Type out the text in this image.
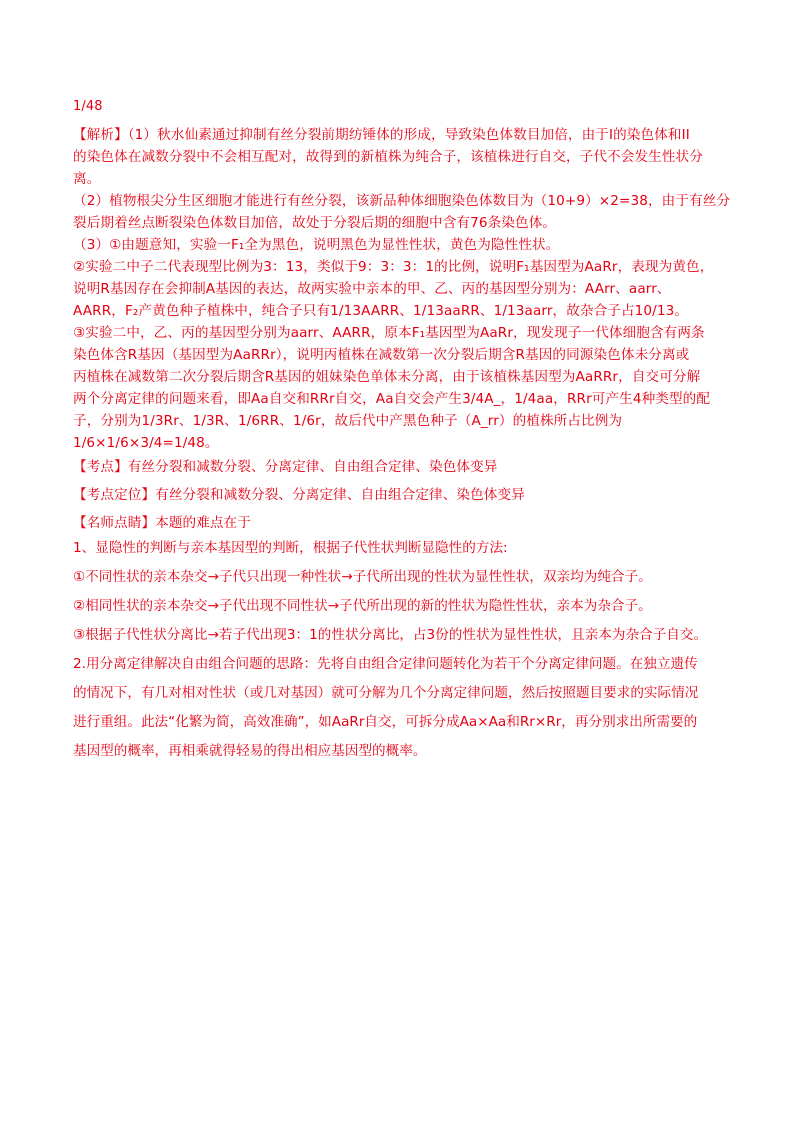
1/48
【解析】（1）秋水仙素通过抑制有丝分裂前期纺锤体的形成，导致染色体数目加倍，由于I的染色体和II
的染色体在减数分裂中不会相互配对，故得到的新植株为纯合子，该植株进行自交，子代不会发生性状分
离。
（2）植物根尖分生区细胞才能进行有丝分裂，该新品种体细胞染色体数目为（10+9）×2=38，由于有丝分
裂后期着丝点断裂染色体数目加倍，故处于分裂后期的细胞中含有76条染色体。
（3）①由题意知，实验一F₁全为黑色，说明黑色为显性性状，黄色为隐性性状。
②实验二中子二代表现型比例为3：13，类似于9：3：3：1的比例，说明F₁基因型为AaRr，表现为黄色，
说明R基因存在会抑制A基因的表达，故两实验中亲本的甲、乙、丙的基因型分别为：AArr、aarr、
AARR，F₂产黄色种子植株中，纯合子只有1/13AARR、1/13aaRR、1/13aarr，故杂合子占10/13。
③实验二中，乙、丙的基因型分别为aarr、AARR，原本F₁基因型为AaRr，现发现子一代体细胞含有两条
染色体含R基因（基因型为AaRRr），说明丙植株在减数第一次分裂后期含R基因的同源染色体未分离或
丙植株在减数第二次分裂后期含R基因的姐妹染色单体未分离，由于该植株基因型为AaRRr，自交可分解
两个分离定律的问题来看，即Aa自交和RRr自交，Aa自交会产生3/4A_，1/4aa，RRr可产生4种类型的配
子，分别为1/3Rr、1/3R、1/6RR、1/6r，故后代中产黑色种子（A_rr）的植株所占比例为
1/6×1/6×3/4=1/48。
【考点】有丝分裂和减数分裂、分离定律、自由组合定律、染色体变异
【考点定位】有丝分裂和减数分裂、分离定律、自由组合定律、染色体变异
【名师点睛】本题的难点在于
1、显隐性的判断与亲本基因型的判断，根据子代性状判断显隐性的方法:
①不同性状的亲本杂交→子代只出现一种性状→子代所出现的性状为显性性状，双亲均为纯合子。
②相同性状的亲本杂交→子代出现不同性状→子代所出现的新的性状为隐性性状，亲本为杂合子。
③根据子代性状分离比→若子代出现3：1的性状分离比，占3份的性状为显性性状，且亲本为杂合子自交。
2.用分离定律解决自由组合问题的思路：先将自由组合定律问题转化为若干个分离定律问题。在独立遗传
的情况下，有几对相对性状（或几对基因）就可分解为几个分离定律问题，然后按照题目要求的实际情况
进行重组。此法“化繁为简，高效准确”，如AaRr自交，可拆分成Aa×Aa和Rr×Rr，再分别求出所需要的
基因型的概率，再相乘就得轻易的得出相应基因型的概率。
